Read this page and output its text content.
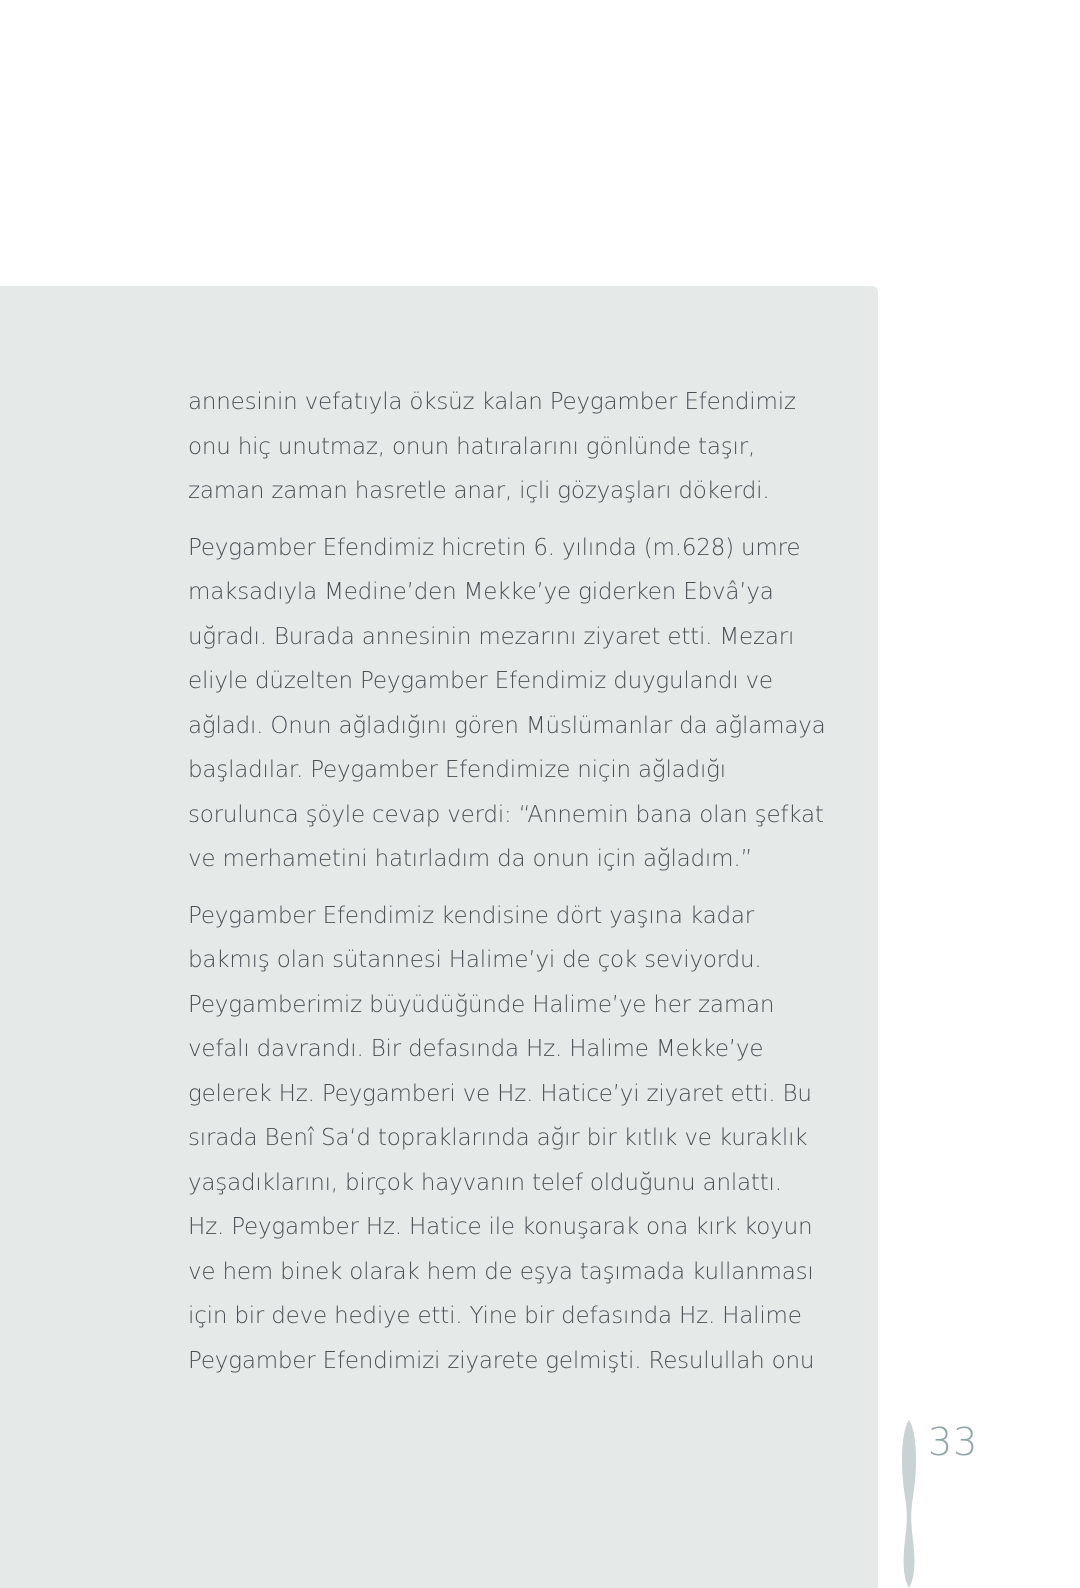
annesinin vefatıyla öksüz kalan Peygamber Efendimiz
onu hiç unutmaz, onun hatıralarını gönlünde taşır,
zaman zaman hasretle anar, içli gözyaşları dökerdi.

Peygamber Efendimiz hicretin 6. yılında (m.628) umre
maksadıyla Medine’den Mekke’ye giderken Ebvâ’ya
uğradı. Burada annesinin mezarını ziyaret etti. Mezarı
eliyle düzelten Peygamber Efendimiz duygulandı ve
ağladı. Onun ağladığını gören Müslümanlar da ağlamaya
başladılar. Peygamber Efendimize niçin ağladığı
sorulunca şöyle cevap verdi: “Annemin bana olan şefkat
ve merhametini hatırladım da onun için ağladım.”

Peygamber Efendimiz kendisine dört yaşına kadar
bakmış olan sütannesi Halime’yi de çok seviyordu.
Peygamberimiz büyüdüğünde Halime’ye her zaman
vefalı davrandı. Bir defasında Hz. Halime Mekke’ye
gelerek Hz. Peygamberi ve Hz. Hatice’yi ziyaret etti. Bu
sırada Benî Sa‘d topraklarında ağır bir kıtlık ve kuraklık
yaşadıklarını, birçok hayvanın telef olduğunu anlattı.
Hz. Peygamber Hz. Hatice ile konuşarak ona kırk koyun
ve hem binek olarak hem de eşya taşımada kullanması
için bir deve hediye etti. Yine bir defasında Hz. Halime
Peygamber Efendimizi ziyarete gelmişti. Resulullah onu

33
